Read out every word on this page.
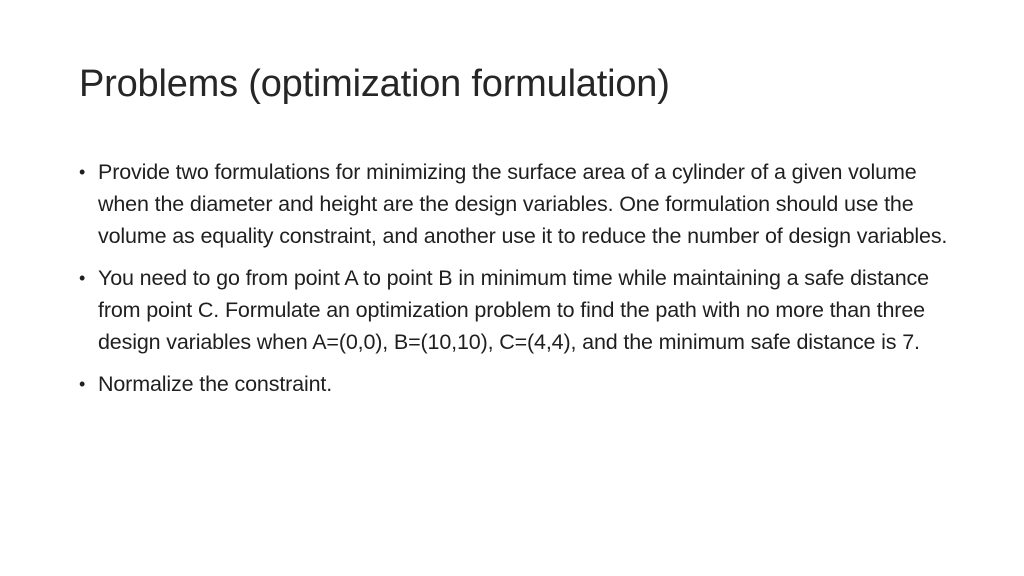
Problems (optimization formulation)
• Provide two formulations for minimizing the surface area of a cylinder of a given volume when the diameter and height are the design variables. One formulation should use the volume as equality constraint, and another use it to reduce the number of design variables.
• You need to go from point A to point B in minimum time while maintaining a safe distance from point C. Formulate an optimization problem to find the path with no more than three design variables when A=(0,0), B=(10,10), C=(4,4), and the minimum safe distance is 7.
• Normalize the constraint.
